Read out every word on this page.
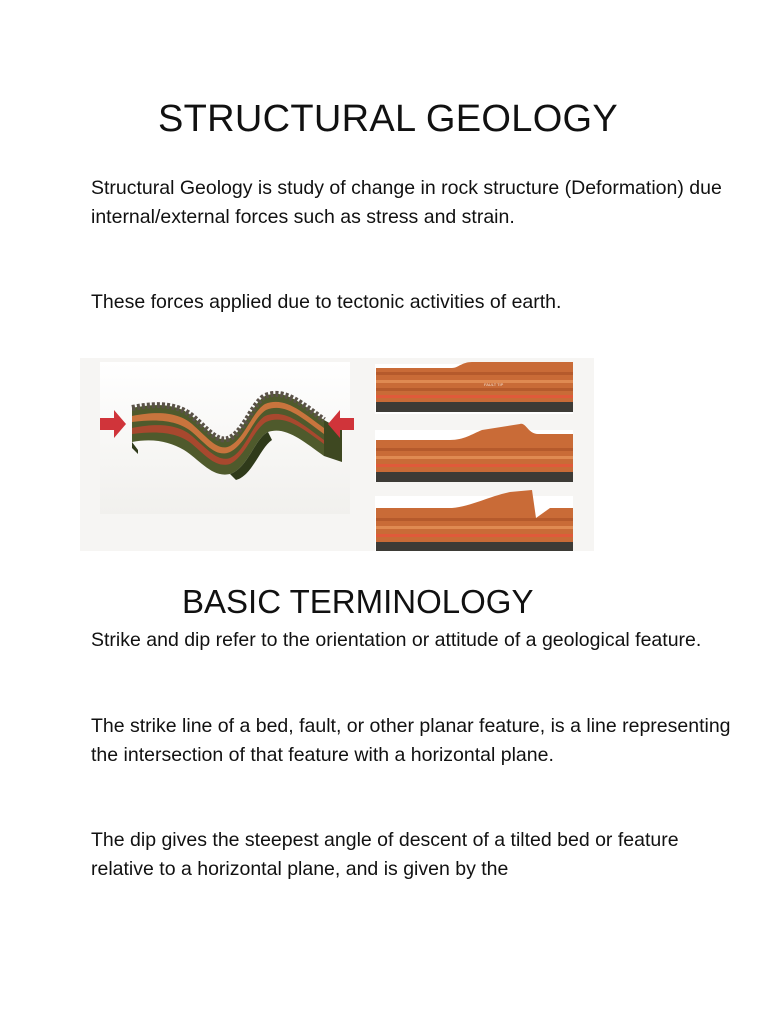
STRUCTURAL GEOLOGY

Structural Geology is study of change in rock structure (Deformation) due internal/external forces such as stress and strain.

These forces applied due to tectonic activities of earth.

FAULT TIP
BASIC TERMINOLOGY

Strike and dip refer to the orientation or attitude of a geological feature.

The strike line of a bed, fault, or other planar feature, is a line representing the intersection of that feature with a horizontal plane.

The dip gives the steepest angle of descent of a tilted bed or feature relative to a horizontal plane, and is given by the
